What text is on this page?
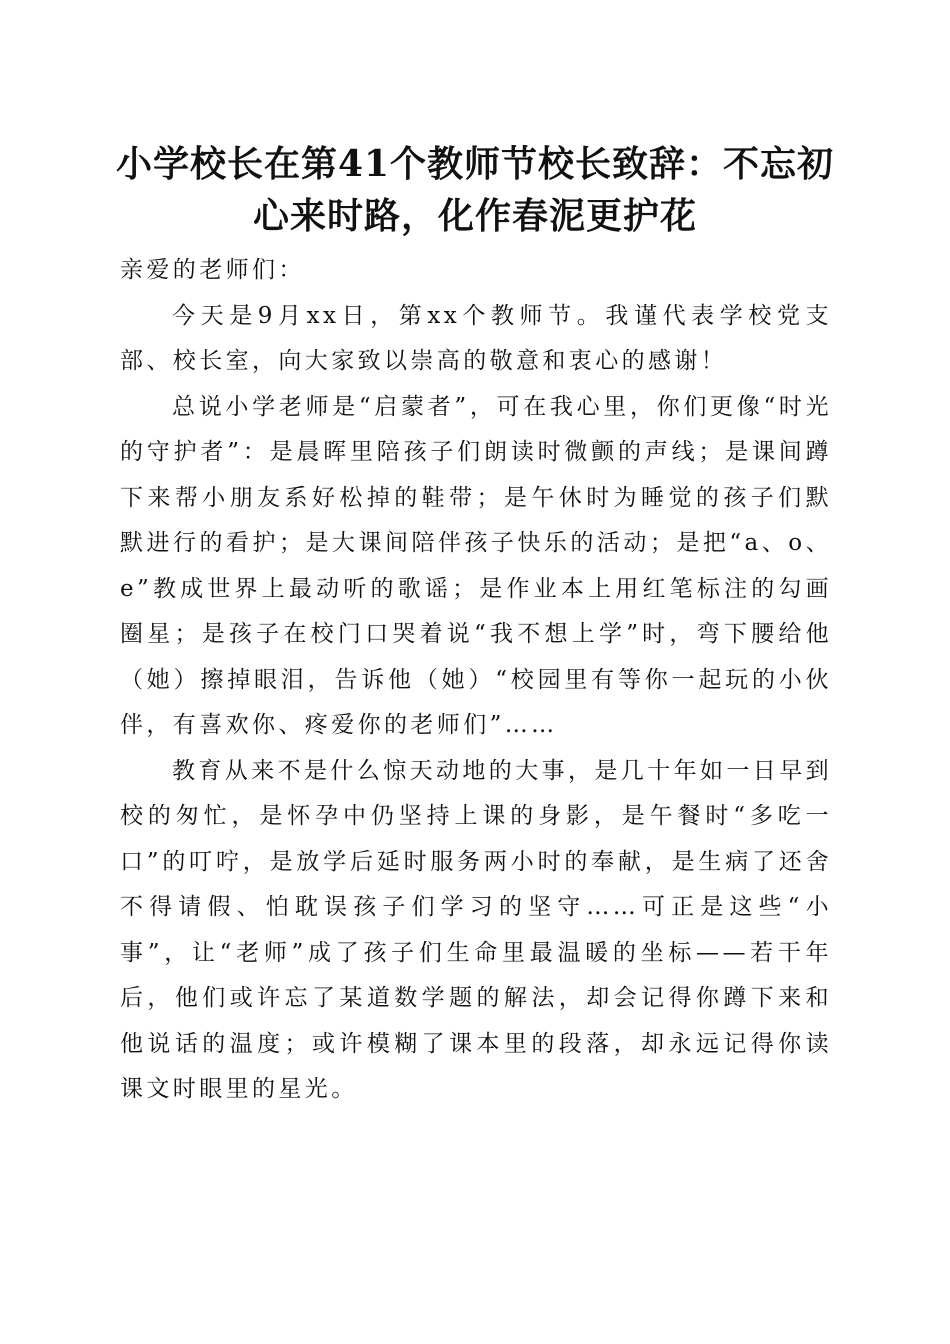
小学校长在第41个教师节校长致辞：不忘初
心来时路，化作春泥更护花

亲爱的老师们：

今天是9月xx日，第xx个教师节。我谨代表学校党支部、校长室，向大家致以崇高的敬意和衷心的感谢！

总说小学老师是“启蒙者”，可在我心里，你们更像“时光的守护者”：是晨晖里陪孩子们朗读时微颤的声线；是课间蹲下来帮小朋友系好松掉的鞋带；是午休时为睡觉的孩子们默默进行的看护；是大课间陪伴孩子快乐的活动；是把“a、o、e”教成世界上最动听的歌谣；是作业本上用红笔标注的勾画圈星；是孩子在校门口哭着说“我不想上学”时，弯下腰给他（她）擦掉眼泪，告诉他（她）“校园里有等你一起玩的小伙伴，有喜欢你、疼爱你的老师们”……

教育从来不是什么惊天动地的大事，是几十年如一日早到校的匆忙，是怀孕中仍坚持上课的身影，是午餐时“多吃一口”的叮咛，是放学后延时服务两小时的奉献，是生病了还舍不得请假、怕耽误孩子们学习的坚守……可正是这些“小事”，让“老师”成了孩子们生命里最温暖的坐标——若干年后，他们或许忘了某道数学题的解法，却会记得你蹲下来和他说话的温度；或许模糊了课本里的段落，却永远记得你读课文时眼里的星光。
